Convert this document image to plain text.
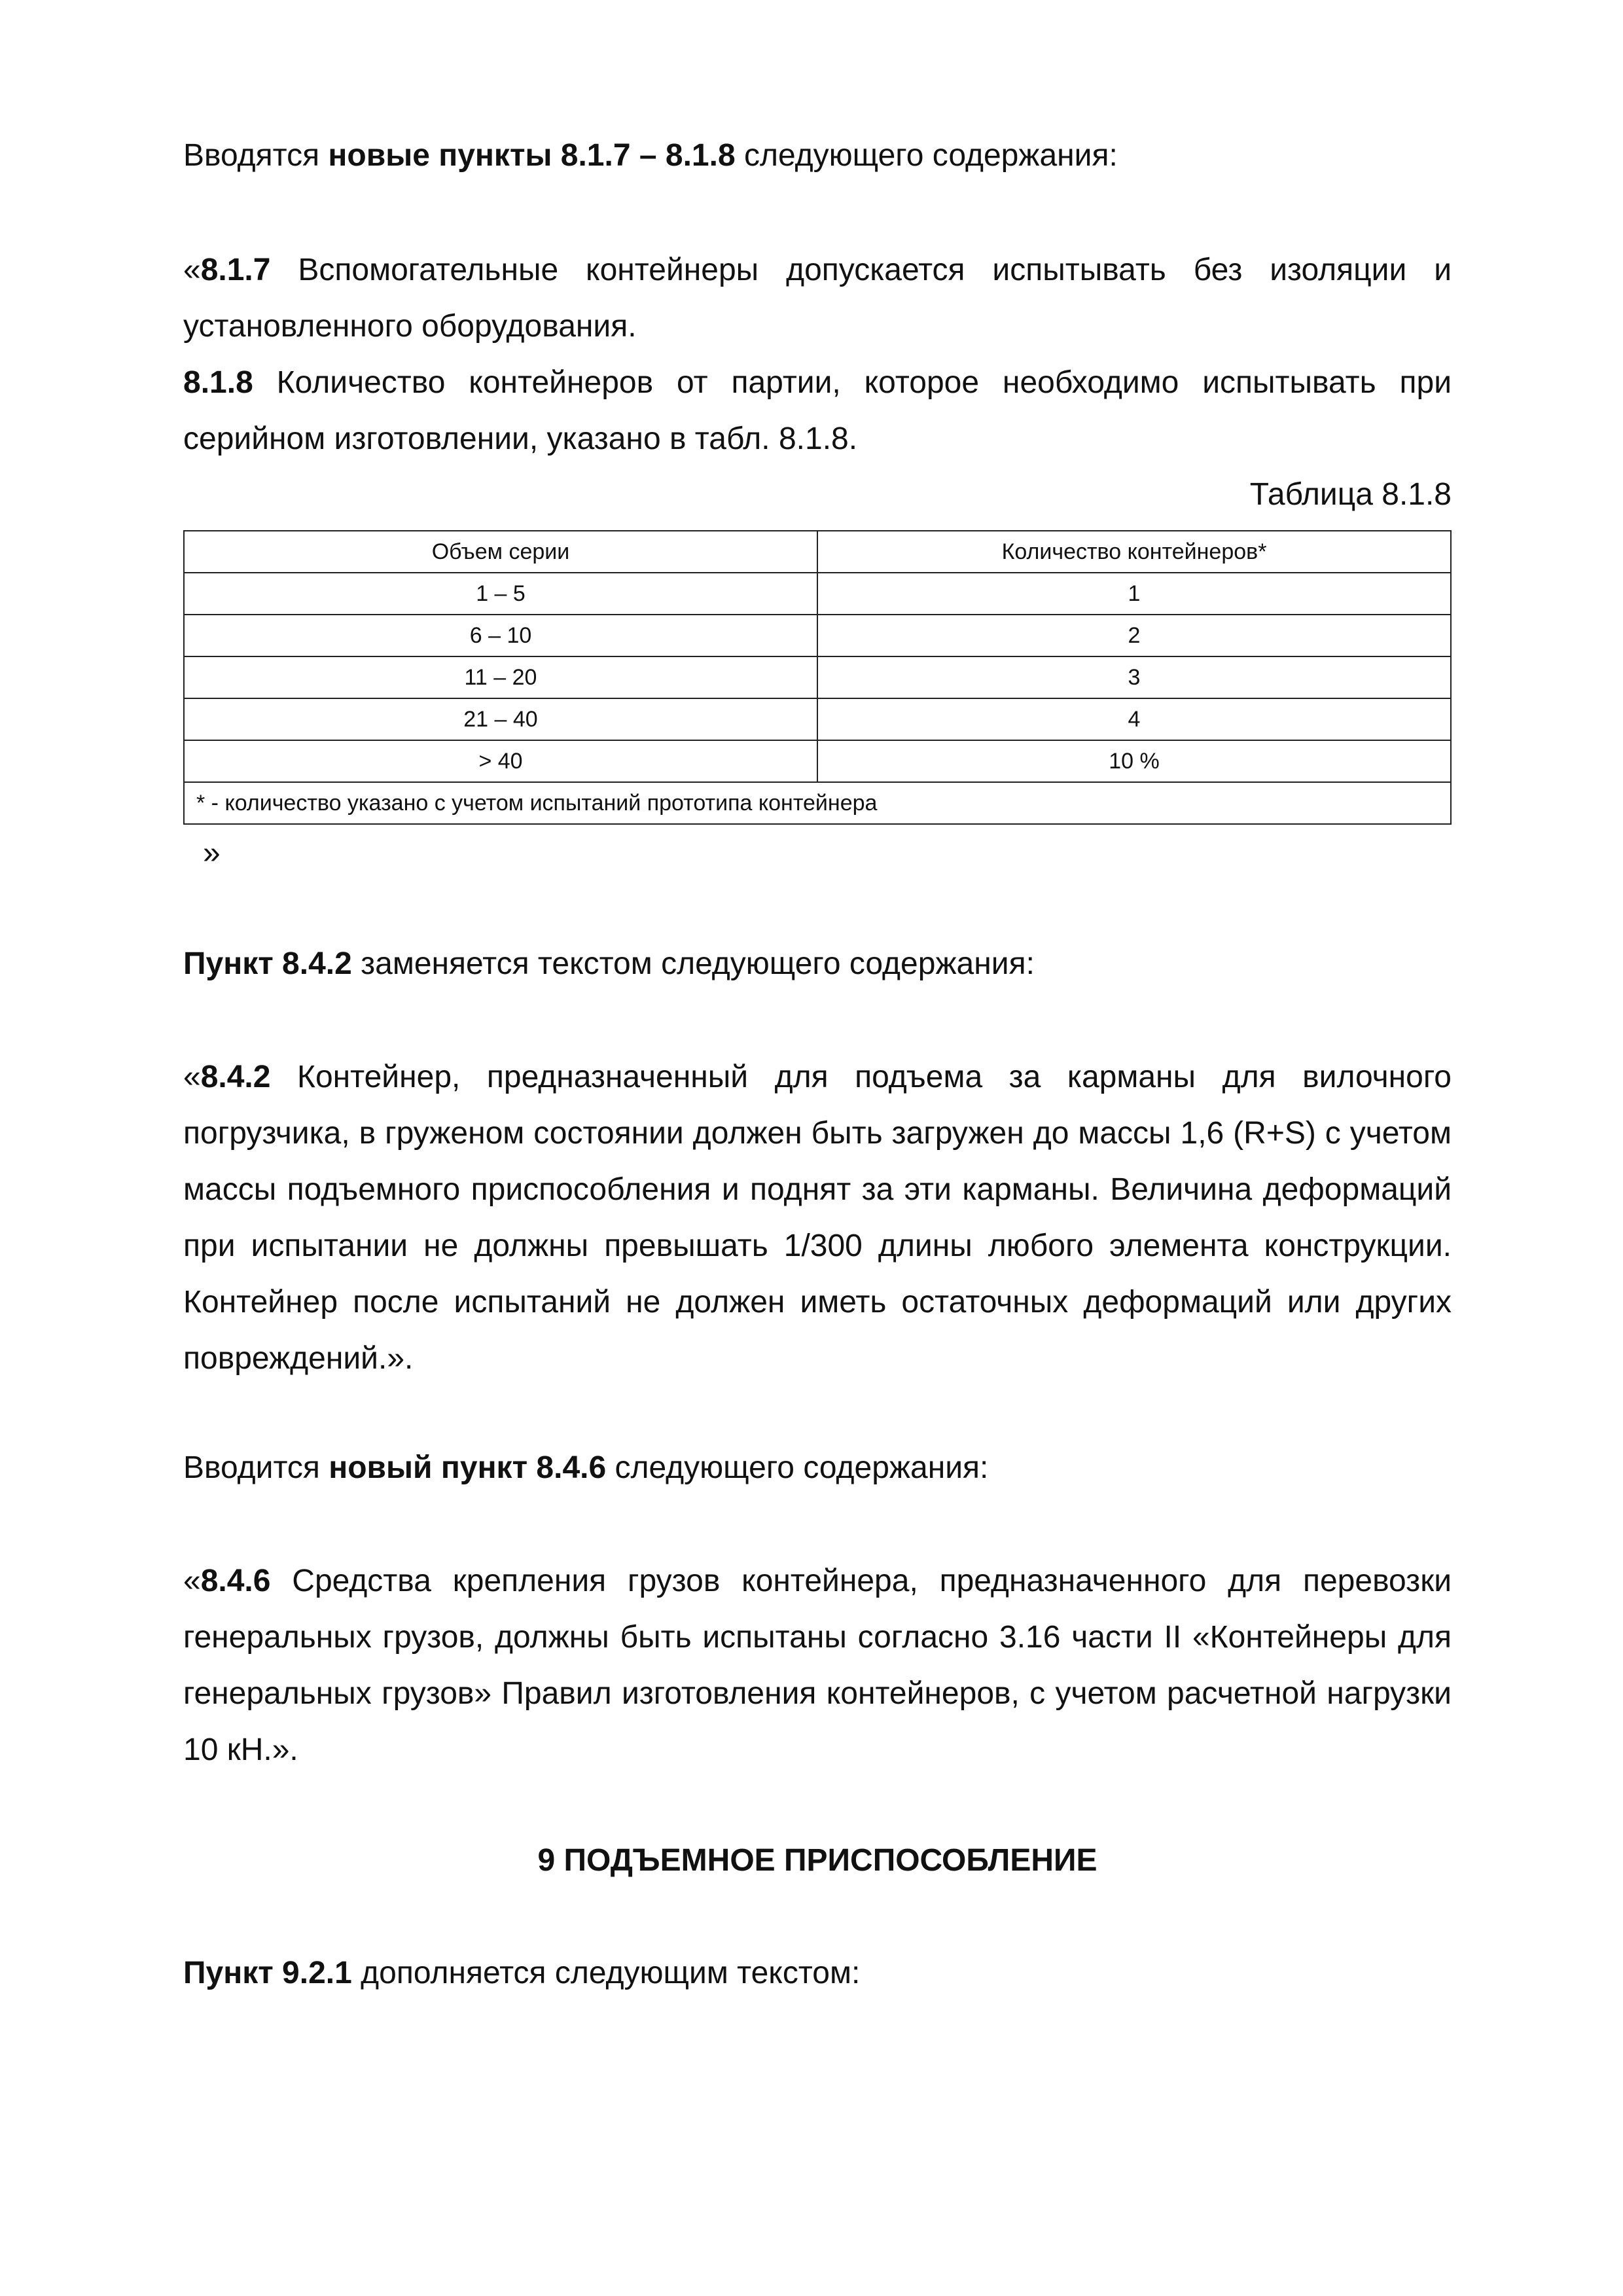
Вводятся новые пункты 8.1.7 – 8.1.8 следующего содержания:

«8.1.7 Вспомогательные контейнеры допускается испытывать без изоляции и установленного оборудования.

8.1.8 Количество контейнеров от партии, которое необходимо испытывать при серийном изготовлении, указано в табл. 8.1.8.

Таблица 8.1.8

Объем серии	Количество контейнеров*
1 – 5	1
6 – 10	2
11 – 20	3
21 – 40	4
> 40	10 %
* - количество указано с учетом испытаний прототипа контейнера	
»

Пункт 8.4.2 заменяется текстом следующего содержания:

«8.4.2 Контейнер, предназначенный для подъема за карманы для вилочного погрузчика, в груженом состоянии должен быть загружен до массы 1,6 (R+S) с учетом массы подъемного приспособления и поднят за эти карманы. Величина деформаций при испытании не должны превышать 1/300 длины любого элемента конструкции. Контейнер после испытаний не должен иметь остаточных деформаций или других повреждений.».

Вводится новый пункт 8.4.6 следующего содержания:

«8.4.6 Средства крепления грузов контейнера, предназначенного для перевозки генеральных грузов, должны быть испытаны согласно 3.16 части II «Контейнеры для генеральных грузов» Правил изготовления контейнеров, с учетом расчетной нагрузки 10 кН.».

9 ПОДЪЕМНОЕ ПРИСПОСОБЛЕНИЕ

Пункт 9.2.1 дополняется следующим текстом:
